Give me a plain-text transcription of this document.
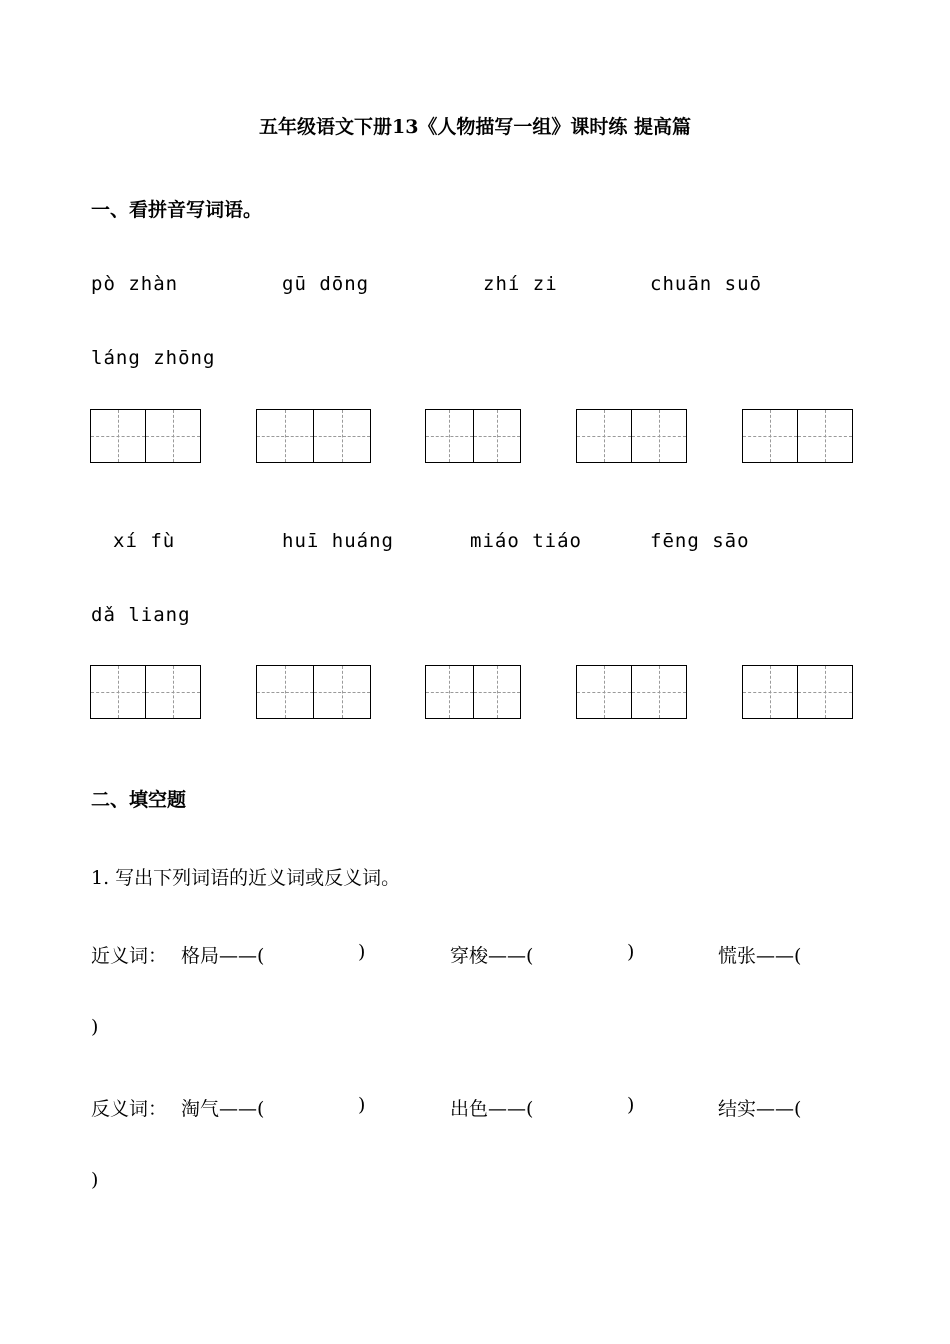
五年级语文下册13《人物描写一组》课时练 提高篇
一、看拼音写词语。
pò zhàn	gū dōng	zhí zi	chuān suō
láng zhōng
xí fù	huī huáng	miáo tiáo	fēng sāo
dǎ liang
二、填空题
1. 写出下列词语的近义词或反义词。
近义词： 格局——(	)	穿梭——(	)	慌张——(
)
反义词： 淘气——(	)	出色——(	)	结实——(
)
